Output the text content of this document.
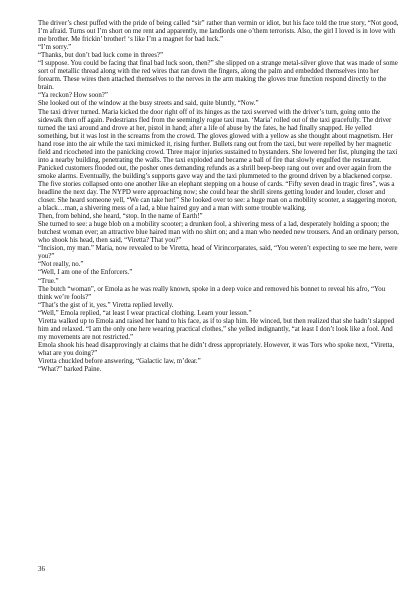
The driver’s chest puffed with the pride of being called “sir” rather than vermin or idiot, but his face told the true story, “Not good, I’m afraid. Turns out I’m short on me rent and apparently, me landlords one o’them terrorists. Also, the girl I loved is in love with me brother. Me frickin’ brother! ‘s like I’m a magnet for bad luck.”

“I’m sorry.”

“Thanks, but don’t bad luck come in threes?”

“I suppose. You could be facing that final bad luck soon, then?” she slipped on a strange metal-silver glove that was made of some sort of metallic thread along with the red wires that ran down the fingers, along the palm and embedded themselves into her forearm. These wires then attached themselves to the nerves in the arm making the gloves true function respond directly to the brain.

“Ya reckon? How soon?”

She looked out of the window at the busy streets and said, quite bluntly, “Now.”

The taxi driver turned. Maria kicked the door right off of its hinges as the taxi swerved with the driver’s turn, going onto the sidewalk then off again. Pedestrians fled from the seemingly rogue taxi man. ‘Maria’ rolled out of the taxi gracefully. The driver turned the taxi around and drove at her, pistol in hand; after a life of abuse by the fates, he had finally snapped. He yelled something, but it was lost in the screams from the crowd. The gloves glowed with a yellow as she thought about magnetism. Her hand rose into the air while the taxi mimicked it, rising further. Bullets rang out from the taxi, but were repelled by her magnetic field and ricocheted into the panicking crowd. Three major injuries sustained to bystanders. She lowered her fist, plunging the taxi into a nearby building, penetrating the walls. The taxi exploded and became a ball of fire that slowly engulfed the restaurant. Panicked customers flooded out, the posher ones demanding refunds as a shrill beep-beep rang out over and over again from the smoke alarms. Eventually, the building’s supports gave way and the taxi plummeted to the ground driven by a blackened corpse. The five stories collapsed onto one another like an elephant stepping on a house of cards. “Fifty seven dead in tragic fires”, was a headline the next day. The NYPD were approaching now; she could hear the shrill sirens getting louder and louder, closer and closer. She heard someone yell, “We can take her!” She looked over to see: a huge man on a mobility scooter, a staggering moron, a black…man, a shivering mess of a lad, a blue haired guy and a man with some trouble walking.

Then, from behind, she heard, “stop. In the name of Earth!”

She turned to see: a huge blob on a mobility scooter; a drunken fool, a shivering mess of a lad, desperately holding a spoon; the butchest woman ever; an attractive blue haired man with no shirt on; and a man who needed new trousers. And an ordinary person, who shook his head, then said, “Viretta? That you?”

“Incision, my man.” Maria, now revealed to be Viretta, head of Virincorparates, said, “You weren’t expecting to see me here, were you?”

“Not really, no.”

“Well, I am one of the Enforcers.”

“True.”

The butch “woman”, or Emola as he was really known, spoke in a deep voice and removed his bonnet to reveal his afro, “You think we’re fools?”

“That’s the gist of it, yes.” Viretta replied levelly.

“Well,” Emola replied, “at least I wear practical clothing. Learn your lesson.”

Viretta walked up to Emola and raised her hand to his face, as if to slap him. He winced, but then realized that she hadn’t slapped him and relaxed. “I am the only one here wearing practical clothes,” she yelled indignantly, “at least I don’t look like a fool. And my movements are not restricted.”

Emola shook his head disapprovingly at claims that he didn’t dress appropriately. However, it was Tors who spoke next, “Viretta, what are you doing?”

Viretta chuckled before answering, “Galactic law, m’dear.”

“What?” barked Paine.

36
